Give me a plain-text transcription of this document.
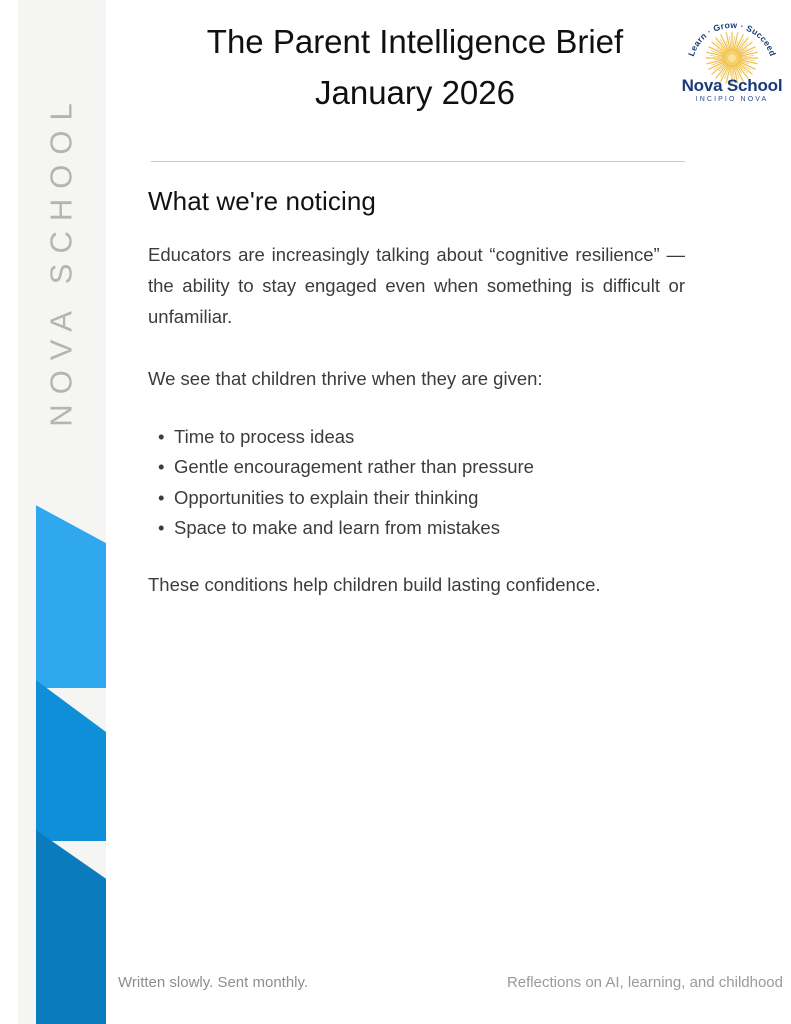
NOVA SCHOOL
The Parent Intelligence Brief
January 2026
Learn · Grow · Succeed
Nova School
INCIPIO NOVA
What we're noticing

Educators are increasingly talking about “cognitive resilience” — the ability to stay engaged even when something is difficult or unfamiliar.

We see that children thrive when they are given:

• Time to process ideas
• Gentle encouragement rather than pressure
• Opportunities to explain their thinking
• Space to make and learn from mistakes

These conditions help children build lasting confidence.

Written slowly. Sent monthly.	Reflections on AI, learning, and childhood
